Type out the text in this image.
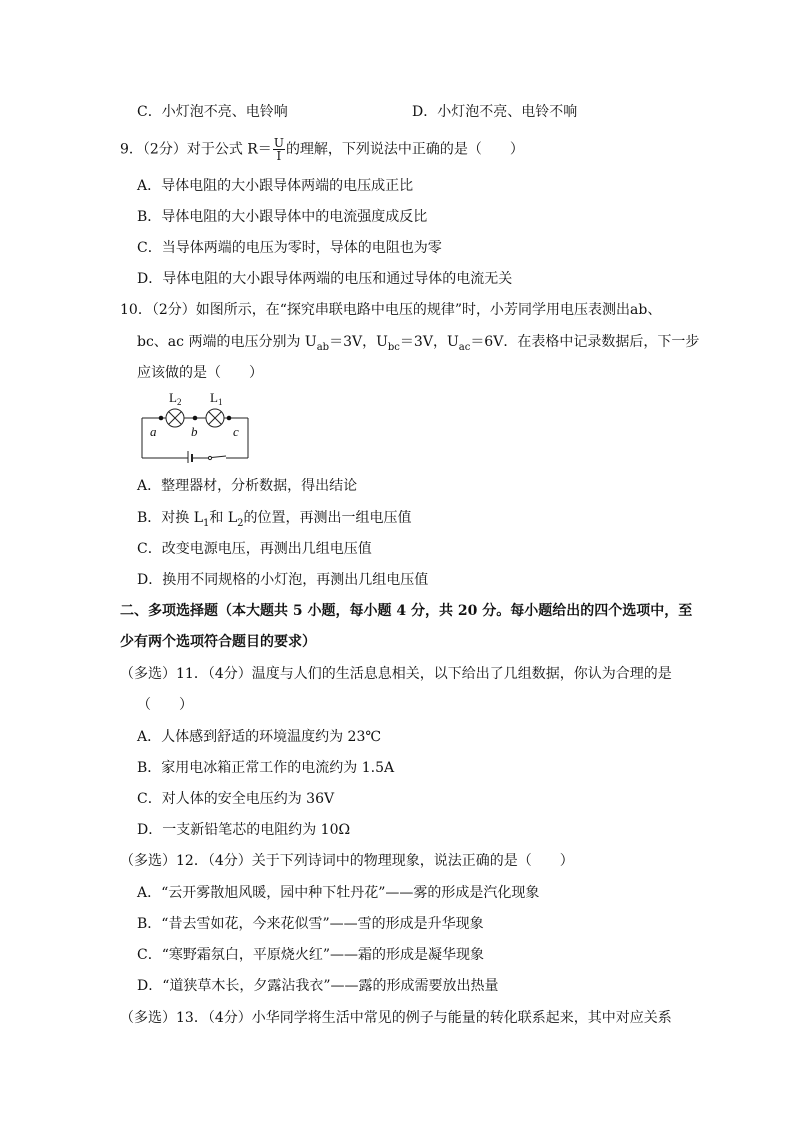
C．小灯泡不亮、电铃响	D．小灯泡不亮、电铃不响
9．（2分）对于公式 $R= \frac{U}{I}$ 的理解，下列说法中正确的是（　　）
A．导体电阻的大小跟导体两端的电压成正比
B．导体电阻的大小跟导体中的电流强度成反比
C．当导体两端的电压为零时，导体的电阻也为零
D．导体电阻的大小跟导体两端的电压和通过导体的电流无关
10．（2分）如图所示，在“探究串联电路中电压的规律”时，小芳同学用电压表测出ab、
bc、ac 两端的电压分别为 $U_{ab}=3V$，$U_{bc}=3V$，$U_{ac}=6V$．在表格中记录数据后，下一步
应该做的是（　　）
$L_2$ $L_1$
a	b	c
A．整理器材，分析数据，得出结论
B．对换 $L_1$和 $L_2$的位置，再测出一组电压值
C．改变电源电压，再测出几组电压值
D．换用不同规格的小灯泡，再测出几组电压值
二、多项选择题（本大题共 5 小题，每小题 4 分，共 20 分。每小题给出的四个选项中，至
少有两个选项符合题目的要求）
（多选）11．（4分）温度与人们的生活息息相关，以下给出了几组数据，你认为合理的是
（　　）
A．人体感到舒适的环境温度约为 23℃
B．家用电冰箱正常工作的电流约为 1.5A
C．对人体的安全电压约为 36V
D．一支新铅笔芯的电阻约为 10Ω
（多选）12．（4分）关于下列诗词中的物理现象，说法正确的是（　　）
A．“云开雾散旭风暖，园中种下牡丹花”——雾的形成是汽化现象
B．“昔去雪如花，今来花似雪”——雪的形成是升华现象
C．“寒野霜氛白，平原烧火红”——霜的形成是凝华现象
D．“道狭草木长，夕露沾我衣”——露的形成需要放出热量
（多选）13．（4分）小华同学将生活中常见的例子与能量的转化联系起来，其中对应关系
